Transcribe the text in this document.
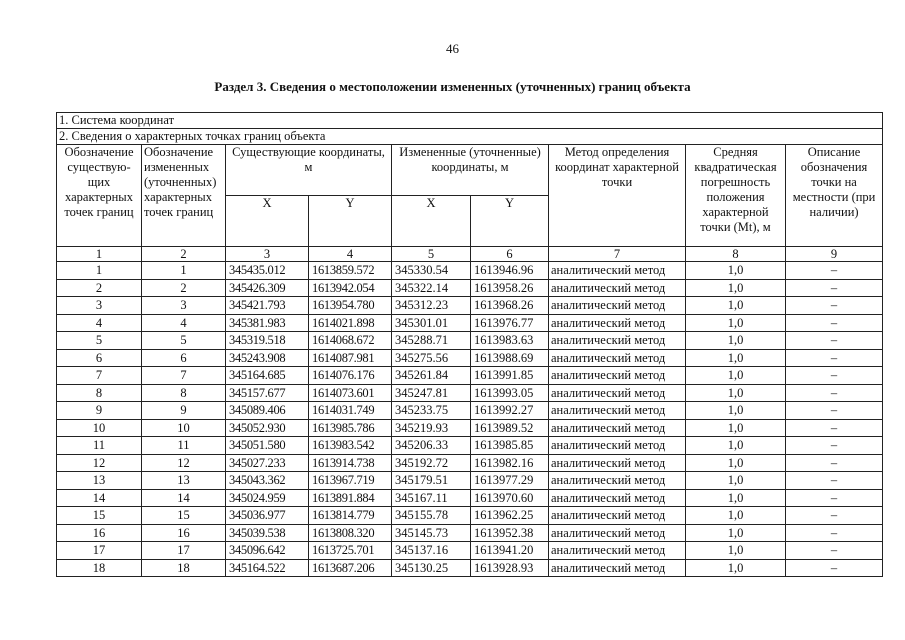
46
Раздел 3. Сведения о местоположении измененных (уточненных) границ объекта
1. Система координат								
2. Сведения о характерных точках границ объекта								
Обозначение существую-щих характерных точек границ	Обозначение измененных (уточненных) характерных точек границ	Существующие координаты, м		Измененные (уточненные) координаты, м		Метод определения координат характерной точки	Средняя квадратическая погрешность положения характерной точки (Mt), м	Описание обозначения точки на местности (при наличии)
		X	Y	X	Y			
1	2	3	4	5	6	7	8	9
1	1	345435.012	1613859.572	345330.54	1613946.96	аналитический метод	1,0	–
2	2	345426.309	1613942.054	345322.14	1613958.26	аналитический метод	1,0	–
3	3	345421.793	1613954.780	345312.23	1613968.26	аналитический метод	1,0	–
4	4	345381.983	1614021.898	345301.01	1613976.77	аналитический метод	1,0	–
5	5	345319.518	1614068.672	345288.71	1613983.63	аналитический метод	1,0	–
6	6	345243.908	1614087.981	345275.56	1613988.69	аналитический метод	1,0	–
7	7	345164.685	1614076.176	345261.84	1613991.85	аналитический метод	1,0	–
8	8	345157.677	1614073.601	345247.81	1613993.05	аналитический метод	1,0	–
9	9	345089.406	1614031.749	345233.75	1613992.27	аналитический метод	1,0	–
10	10	345052.930	1613985.786	345219.93	1613989.52	аналитический метод	1,0	–
11	11	345051.580	1613983.542	345206.33	1613985.85	аналитический метод	1,0	–
12	12	345027.233	1613914.738	345192.72	1613982.16	аналитический метод	1,0	–
13	13	345043.362	1613967.719	345179.51	1613977.29	аналитический метод	1,0	–
14	14	345024.959	1613891.884	345167.11	1613970.60	аналитический метод	1,0	–
15	15	345036.977	1613814.779	345155.78	1613962.25	аналитический метод	1,0	–
16	16	345039.538	1613808.320	345145.73	1613952.38	аналитический метод	1,0	–
17	17	345096.642	1613725.701	345137.16	1613941.20	аналитический метод	1,0	–
18	18	345164.522	1613687.206	345130.25	1613928.93	аналитический метод	1,0	–
